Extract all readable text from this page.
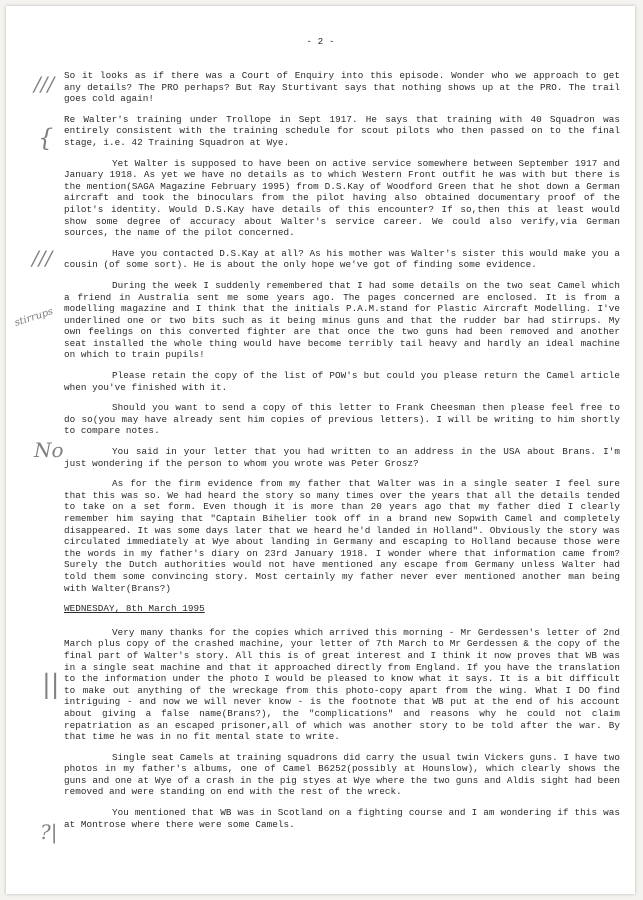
- 2 -
///
{
///
stirrups
No
||
?|

So it looks as if there was a Court of Enquiry into this episode. Wonder who we approach to get any details? The PRO perhaps? But Ray Sturtivant says that nothing shows up at the PRO. The trail goes cold again!

Re Walter's training under Trollope in Sept 1917. He says that training with 40 Squadron was entirely consistent with the training schedule for scout pilots who then passed on to the final stage, i.e. 42 Training Squadron at Wye.

Yet Walter is supposed to have been on active service somewhere between September 1917 and January 1918. As yet we have no details as to which Western Front outfit he was with but there is the mention(SAGA Magazine February 1995) from D.S.Kay of Woodford Green that he shot down a German aircraft and took the binoculars from the pilot having also obtained documentary proof of the pilot's identity. Would D.S.Kay have details of this encounter? If so,then this at least would show some degree of accuracy about Walter's service career. We could also verify,via German sources, the name of the pilot concerned.

Have you contacted D.S.Kay at all? As his mother was Walter's sister this would make you a cousin (of some sort). He is about the only hope we've got of finding some evidence.

During the week I suddenly remembered that I had some details on the two seat Camel which a friend in Australia sent me some years ago. The pages concerned are enclosed. It is from a modelling magazine and I think that the initials P.A.M.stand for Plastic Aircraft Modelling. I've underlined one or two bits such as it being minus guns and that the rudder bar had stirrups. My own feelings on this converted fighter are that once the two guns had been removed and another seat installed the whole thing would have become terribly tail heavy and hardly an ideal machine on which to train pupils!

Please retain the copy of the list of POW's but could you please return the Camel article when you've finished with it.

Should you want to send a copy of this letter to Frank Cheesman then please feel free to do so(you may have already sent him copies of previous letters). I will be writing to him shortly to compare notes.

You said in your letter that you had written to an address in the USA about Brans. I'm just wondering if the person to whom you wrote was Peter Grosz?

As for the firm evidence from my father that Walter was in a single seater I feel sure that this was so. We had heard the story so many times over the years that all the details tended to take on a set form. Even though it is more than 20 years ago that my father died I clearly remember him saying that "Captain Bihelier took off in a brand new Sopwith Camel and completely disappeared. It was some days later that we heard he'd landed in Holland". Obviously the story was circulated immediately at Wye about landing in Germany and escaping to Holland because those were the words in my father's diary on 23rd January 1918. I wonder where that information came from? Surely the Dutch authorities would not have mentioned any escape from Germany unless Walter had told them some convincing story. Most certainly my father never ever mentioned another man being with Walter(Brans?)

WEDNESDAY, 8th March 1995

Very many thanks for the copies which arrived this morning - Mr Gerdessen's letter of 2nd March plus copy of the crashed machine, your letter of 7th March to Mr Gerdessen & the copy of the final part of Walter's story. All this is of great interest and I think it now proves that WB was in a single seat machine and that it approached directly from England. If you have the translation to the information under the photo I would be pleased to know what it says. It is a bit difficult to make out anything of the wreckage from this photo-copy apart from the wing. What I DO find intriguing - and now we will never know - is the footnote that WB put at the end of his account about giving a false name(Brans?), the "complications" and reasons why he could not claim repatriation as an escaped prisoner,all of which was another story to be told after the war. By that time he was in no fit mental state to write.

Single seat Camels at training squadrons did carry the usual twin Vickers guns. I have two photos in my father's albums, one of Camel B6252(possibly at Hounslow), which clearly shows the guns and one at Wye of a crash in the pig styes at Wye where the two guns and Aldis sight had been removed and were standing on end with the rest of the wreck.

You mentioned that WB was in Scotland on a fighting course and I am wondering if this was at Montrose where there were some Camels.
